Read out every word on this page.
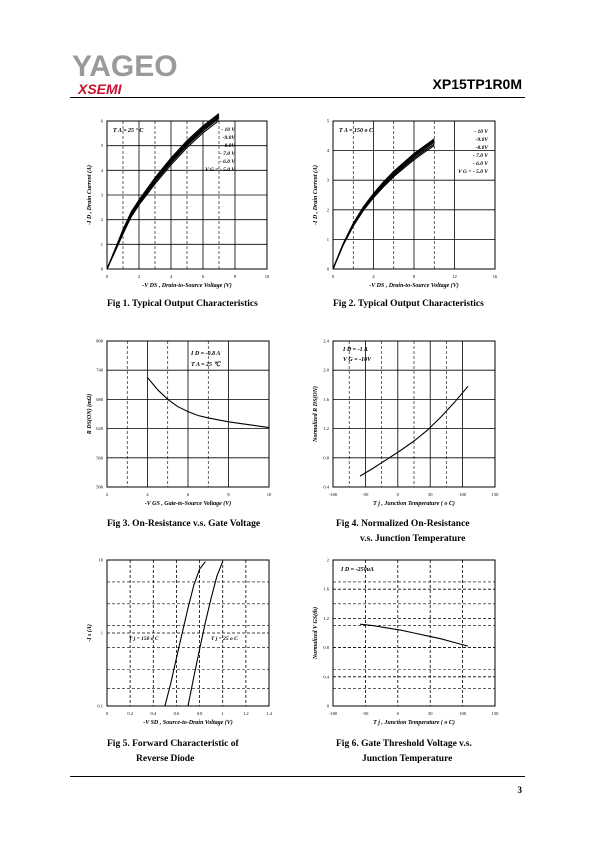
YAGEO
XSEMI	XP15TP1R0M
0	2	4	6	8	10
0
1
2
3
4
5
6
-V DS , Drain-to-Source Voltage (V)
-I D , Drain Current (A)
T A = 25 ° C	- 10 V
-9.0V
-8.0V
- 7.0 V
- 6.0 V
V G = - 5.0 V
0	4	8	12	16
0
1
2
3
4
5
-V DS , Drain-to-Source Voltage (V)
-I D , Drain Current (A)
T A = 150 o C	- 10 V
-9.0V
-8.0V
- 7.0 V
- 6.0 V
V G = - 5.0 V
2	4	6	8	10
500
560
620
680
740
800
-V GS , Gate-to-Source Voltage (V)
R DS(ON) (mΩ)
I D = -0.8 A
T A = 25 ℃
-100	-50	0	50	100	150
0.4
0.8
1.2
1.6
2.0
2.4
T j , Junction Temperature ( o C)
Normalized R DS(ON)
I D = -1 A
V G = -10V
0	0.2	0.4	0.6	0.8	1	1.2	1.4
0.1
1
10
-V SD , Source-to-Drain Voltage (V)
-I s (A)	T j = 150 o C	T j = 25 o C
-100	-50	0	50	100	150
0
0.4
0.8
1.2
1.6
2
T j , Junction Temperature ( o C)
Normalized V GS(th)
I D = -250uA
Fig 1. Typical Output Characteristics	Fig 2. Typical Output Characteristics
Fig 3. On-Resistance v.s. Gate Voltage	Fig 4. Normalized On-Resistance
v.s. Junction Temperature
Fig 5. Forward Characteristic of
Reverse Diode
Fig 6. Gate Threshold Voltage v.s.
Junction Temperature
3
